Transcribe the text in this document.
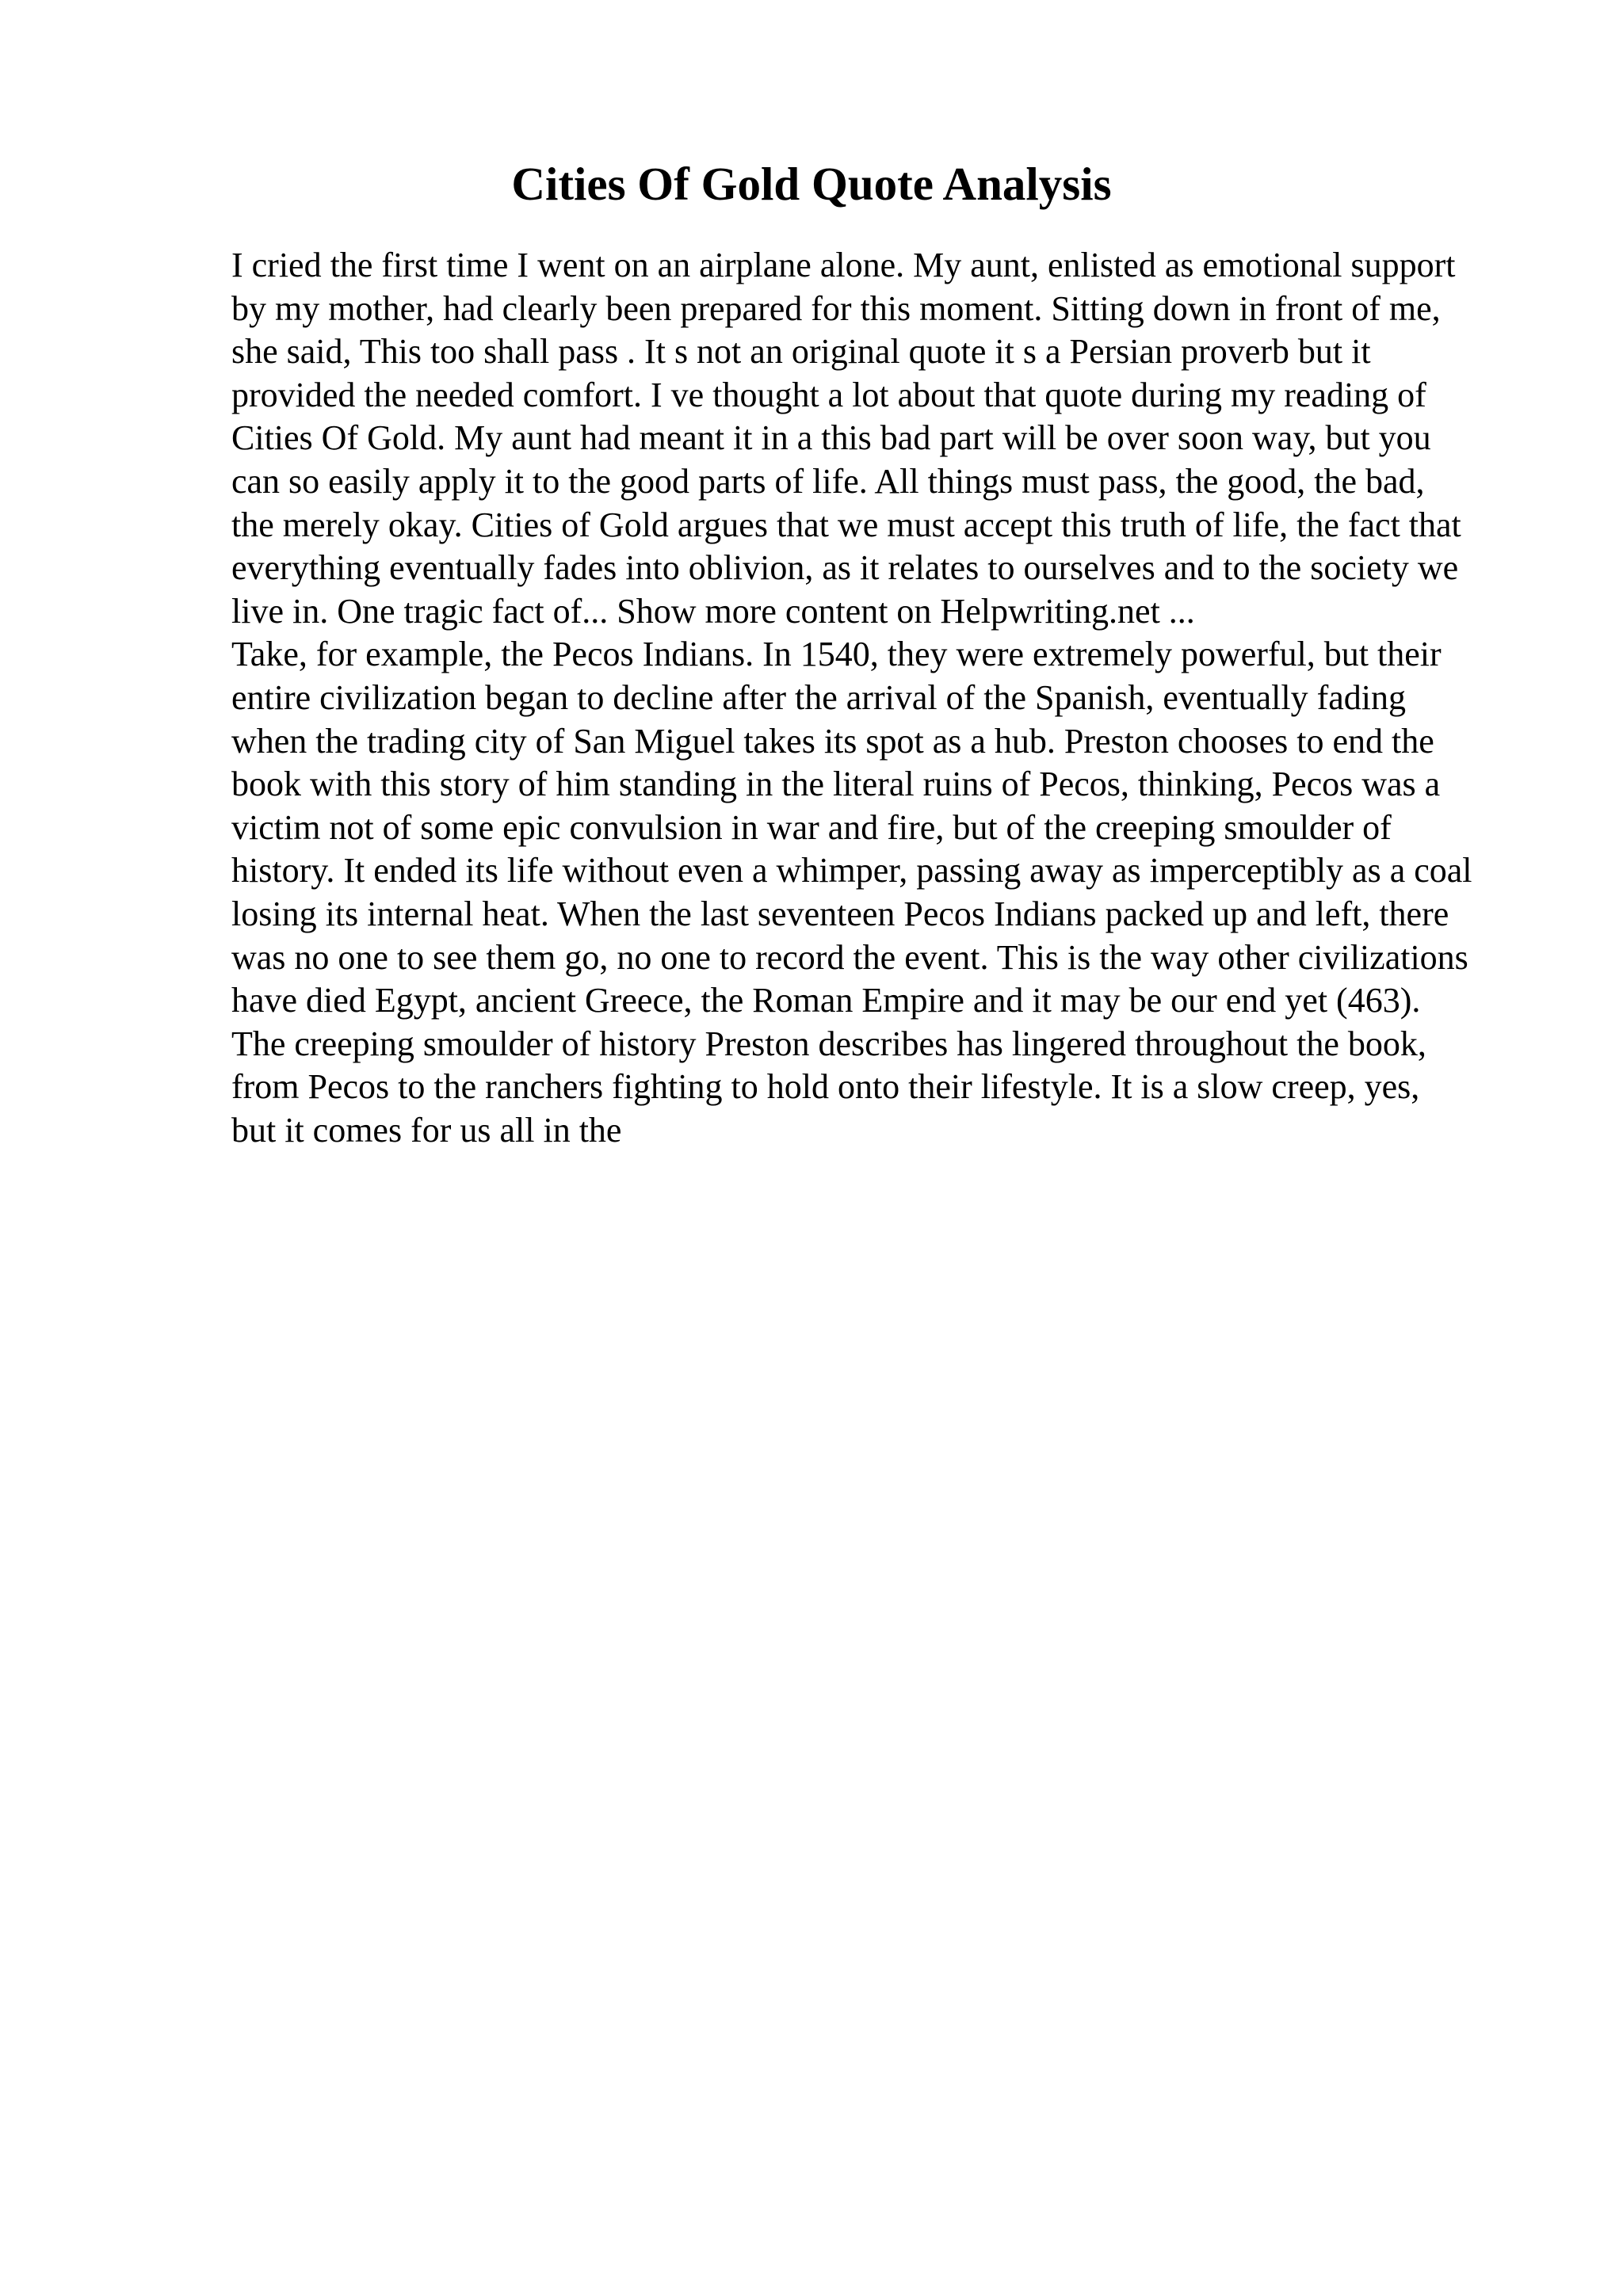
Cities Of Gold Quote Analysis

I cried the first time I went on an airplane alone. My aunt, enlisted as emotional support by my mother, had clearly been prepared for this moment. Sitting down in front of me, she said, This too shall pass . It s not an original quote it s a Persian proverb but it provided the needed comfort. I ve thought a lot about that quote during my reading of Cities Of Gold. My aunt had meant it in a this bad part will be over soon way, but you can so easily apply it to the good parts of life. All things must pass, the good, the bad, the merely okay. Cities of Gold argues that we must accept this truth of life, the fact that everything eventually fades into oblivion, as it relates to ourselves and to the society we live in. One tragic fact of... Show more content on Helpwriting.net ...

Take, for example, the Pecos Indians. In 1540, they were extremely powerful, but their entire civilization began to decline after the arrival of the Spanish, eventually fading when the trading city of San Miguel takes its spot as a hub. Preston chooses to end the book with this story of him standing in the literal ruins of Pecos, thinking, Pecos was a victim not of some epic convulsion in war and fire, but of the creeping smoulder of history. It ended its life without even a whimper, passing away as imperceptibly as a coal losing its internal heat. When the last seventeen Pecos Indians packed up and left, there was no one to see them go, no one to record the event. This is the way other civilizations have died Egypt, ancient Greece, the Roman Empire and it may be our end yet (463). The creeping smoulder of history Preston describes has lingered throughout the book, from Pecos to the ranchers fighting to hold onto their lifestyle. It is a slow creep, yes, but it comes for us all in the
